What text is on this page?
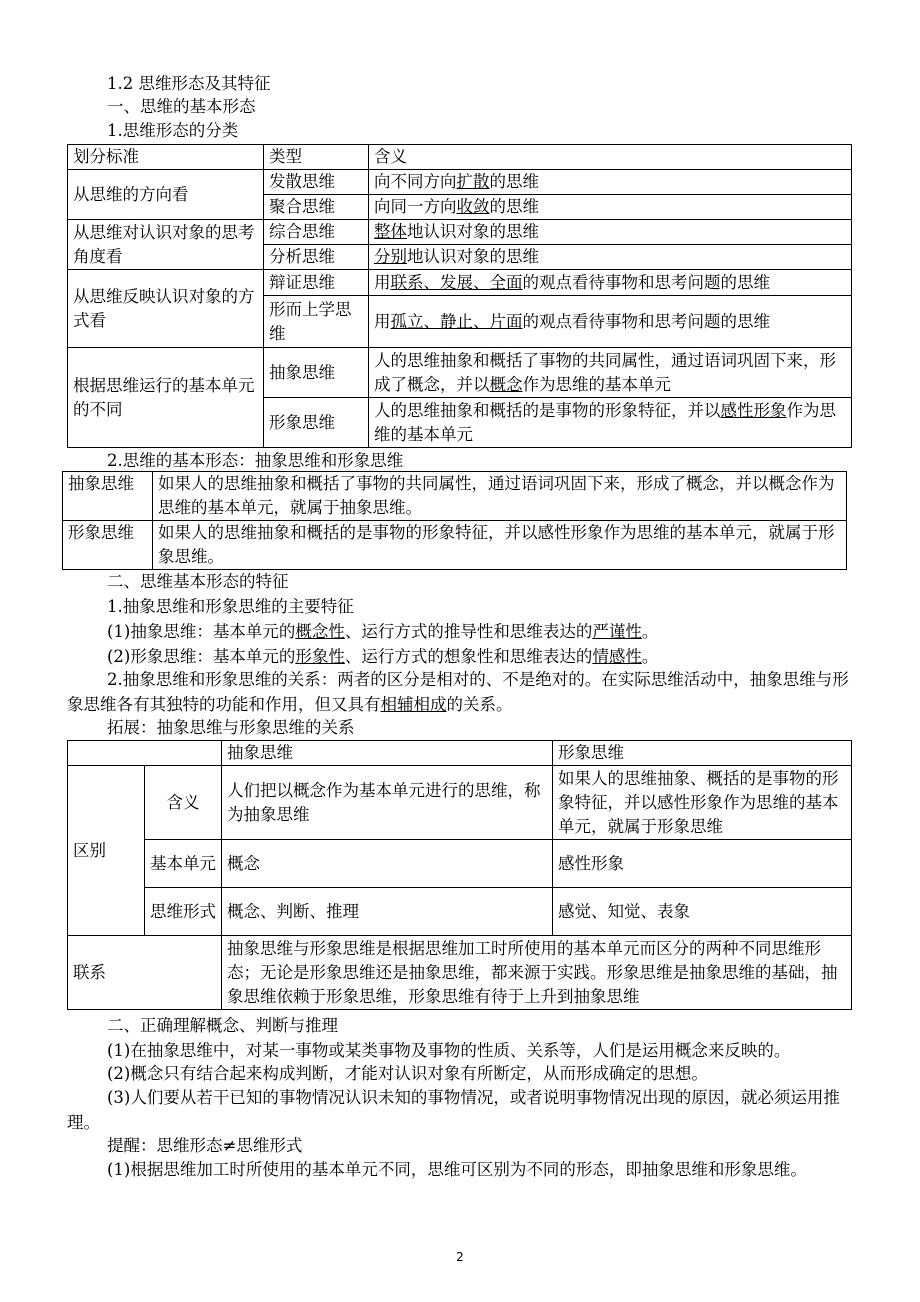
1.2 思维形态及其特征
一、思维的基本形态
1.思维形态的分类
划分标准	类型	含义
从思维的方向看	发散思维	向不同方向扩散的思维
	聚合思维	向同一方向收敛的思维
从思维对认识对象的思考角度看	综合思维	整体地认识对象的思维
	分析思维	分别地认识对象的思维
从思维反映认识对象的方式看	辩证思维	用联系、发展、全面的观点看待事物和思考问题的思维
	形而上学思维	用孤立、静止、片面的观点看待事物和思考问题的思维
根据思维运行的基本单元的不同	抽象思维	人的思维抽象和概括了事物的共同属性，通过语词巩固下来，形成了概念，并以概念作为思维的基本单元
	形象思维	人的思维抽象和概括的是事物的形象特征，并以感性形象作为思维的基本单元
2.思维的基本形态：抽象思维和形象思维
抽象思维	如果人的思维抽象和概括了事物的共同属性，通过语词巩固下来，形成了概念，并以概念作为思维的基本单元，就属于抽象思维。
形象思维	如果人的思维抽象和概括的是事物的形象特征，并以感性形象作为思维的基本单元，就属于形象思维。
二、思维基本形态的特征
1.抽象思维和形象思维的主要特征
(1)抽象思维：基本单元的概念性、运行方式的推导性和思维表达的严谨性。
(2)形象思维：基本单元的形象性、运行方式的想象性和思维表达的情感性。
2.抽象思维和形象思维的关系：两者的区分是相对的、不是绝对的。在实际思维活动中，抽象思维与形象思维各有其独特的功能和作用，但又具有相辅相成的关系。
拓展：抽象思维与形象思维的关系
		抽象思维	形象思维
区别	含义	人们把以概念作为基本单元进行的思维，称为抽象思维	如果人的思维抽象、概括的是事物的形象特征，并以感性形象作为思维的基本单元，就属于形象思维
	基本单元	概念	感性形象
	思维形式	概念、判断、推理	感觉、知觉、表象
联系		抽象思维与形象思维是根据思维加工时所使用的基本单元而区分的两种不同思维形态；无论是形象思维还是抽象思维，都来源于实践。形象思维是抽象思维的基础，抽象思维依赖于形象思维，形象思维有待于上升到抽象思维	
二、正确理解概念、判断与推理
(1)在抽象思维中，对某一事物或某类事物及事物的性质、关系等，人们是运用概念来反映的。
(2)概念只有结合起来构成判断，才能对认识对象有所断定，从而形成确定的思想。
(3)人们要从若干已知的事物情况认识未知的事物情况，或者说明事物情况出现的原因，就必须运用推理。
提醒：思维形态≠思维形式
(1)根据思维加工时所使用的基本单元不同，思维可区别为不同的形态，即抽象思维和形象思维。
2
